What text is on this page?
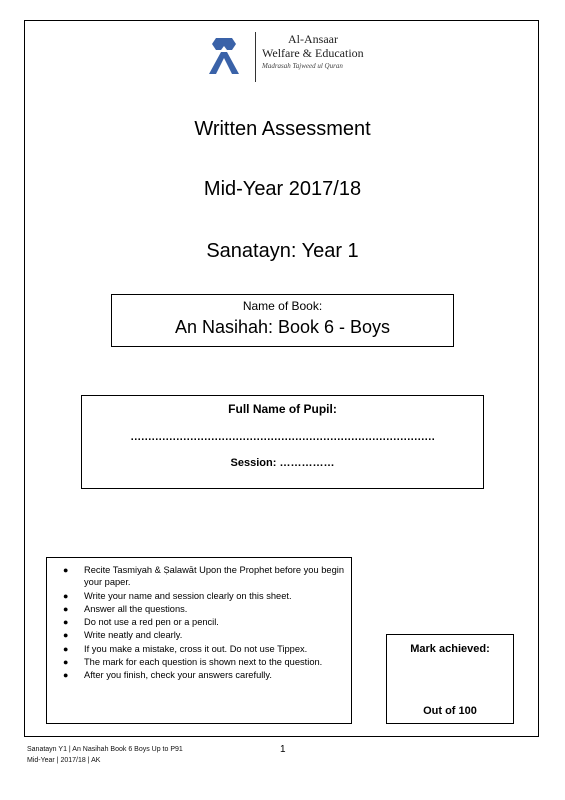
Al-Ansaar
Welfare & Education
Madrasah Tajweed ul Quran
Written Assessment
Mid-Year 2017/18
Sanatayn: Year 1
Name of Book:
An Nasihah: Book 6 - Boys
Full Name of Pupil:
……………………………………………………………………………
Session: ……………
● Recite Tasmiyah & Ṣalawāt Upon the Prophet before you begin your paper.
● Write your name and session clearly on this sheet.
● Answer all the questions.
● Do not use a red pen or a pencil.
● Write neatly and clearly.
● If you make a mistake, cross it out. Do not use Tippex.
● The mark for each question is shown next to the question.
● After you finish, check your answers carefully.
Mark achieved:
Out of 100
Sanatayn Y1 | An Nasihah Book 6 Boys Up to P91
Mid-Year | 2017/18 | AK
1
